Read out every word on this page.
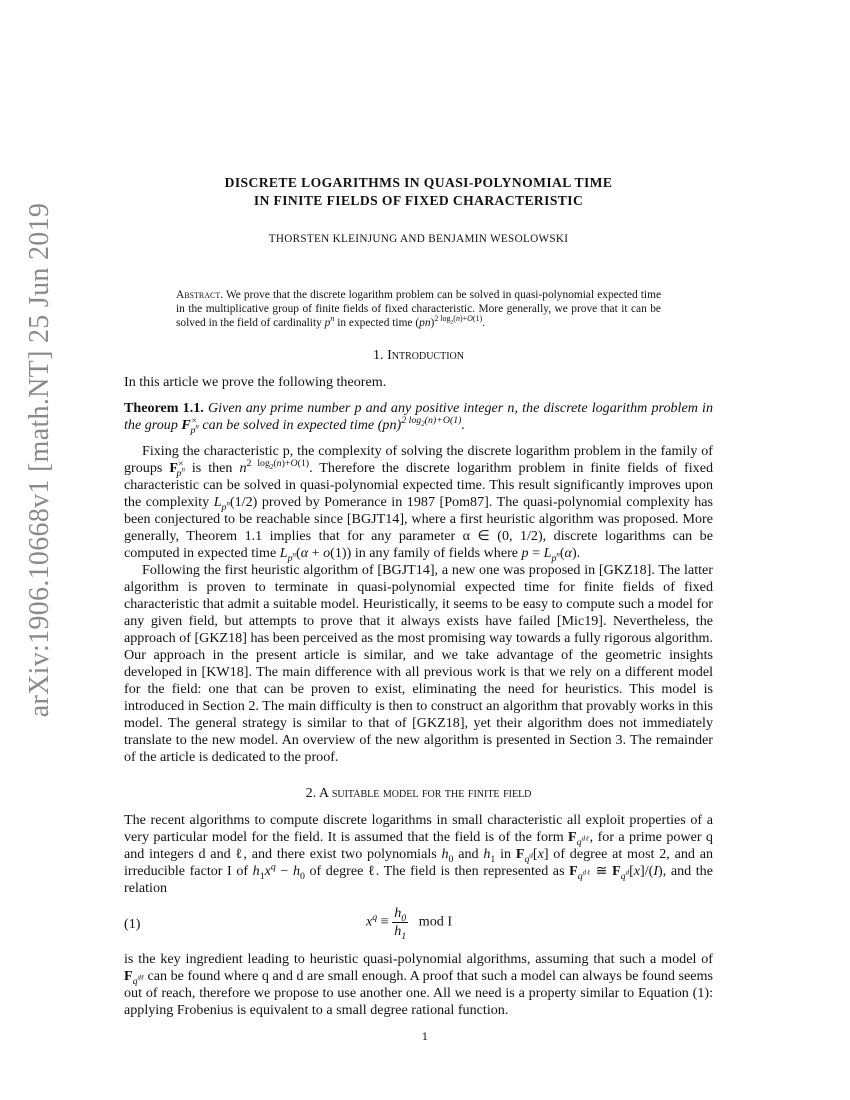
arXiv:1906.10668v1 [math.NT] 25 Jun 2019
DISCRETE LOGARITHMS IN QUASI-POLYNOMIAL TIME
IN FINITE FIELDS OF FIXED CHARACTERISTIC
THORSTEN KLEINJUNG AND BENJAMIN WESOLOWSKI
Abstract. We prove that the discrete logarithm problem can be solved in quasi-polynomial expected time in the multiplicative group of finite fields of fixed characteristic. More generally, we prove that it can be solved in the field of cardinality $p^n$ in expected time (pn)$^{2 log_2(n)+O(1)}$.
1. Introduction

In this article we prove the following theorem.

Theorem 1.1. Given any prime number p and any positive integer n, the discrete logarithm problem in the group $F^\times_{p^n}$ can be solved in expected time (pn)$^{2 log_2(n)+O(1)}$.

Fixing the characteristic p, the complexity of solving the discrete logarithm problem in the family of groups $F^\times_{p^n}$ is then $n^{2 log_2(n)+O(1)}$. Therefore the discrete logarithm problem in finite fields of fixed characteristic can be solved in quasi-polynomial expected time. This result significantly improves upon the complexity $L_{p^n}(1/2)$ proved by Pomerance in 1987 [Pom87]. The quasi-polynomial complexity has been conjectured to be reachable since [BGJT14], where a first heuristic algorithm was proposed. More generally, Theorem 1.1 implies that for any parameter α ∈ (0, 1/2), discrete logarithms can be computed in expected time $L_{p^n}(\alpha + o(1))$ in any family of fields where $p = L_{p^n}(\alpha)$.

Following the first heuristic algorithm of [BGJT14], a new one was proposed in [GKZ18]. The latter algorithm is proven to terminate in quasi-polynomial expected time for finite fields of fixed characteristic that admit a suitable model. Heuristically, it seems to be easy to compute such a model for any given field, but attempts to prove that it always exists have failed [Mic19]. Nevertheless, the approach of [GKZ18] has been perceived as the most promising way towards a fully rigorous algorithm. Our approach in the present article is similar, and we take advantage of the geometric insights developed in [KW18]. The main difference with all previous work is that we rely on a different model for the field: one that can be proven to exist, eliminating the need for heuristics. This model is introduced in Section 2. The main difficulty is then to construct an algorithm that provably works in this model. The general strategy is similar to that of [GKZ18], yet their algorithm does not immediately translate to the new model. An overview of the new algorithm is presented in Section 3. The remainder of the article is dedicated to the proof.

2. A suitable model for the finite field

The recent algorithms to compute discrete logarithms in small characteristic all exploit properties of a very particular model for the field. It is assumed that the field is of the form $F_{q^{d\ell}}$, for a prime power q and integers d and ℓ, and there exist two polynomials $h_0$ and $h_1$ in $F_{q^d}[x]$ of degree at most 2, and an irreducible factor I of $h_1x^q - h_0$ of degree ℓ. The field is then represented as $F_{q^{d\ell}}$ ≅ $F_{q^d}[x]/(I)$, and the relation

(1)	$x^q \equiv \frac{h_0}{h_1}$ mod I

is the key ingredient leading to heuristic quasi-polynomial algorithms, assuming that such a model of $F_{q^{d\ell}}$ can be found where q and d are small enough. A proof that such a model can always be found seems out of reach, therefore we propose to use another one. All we need is a property similar to Equation (1): applying Frobenius is equivalent to a small degree rational function.

1
